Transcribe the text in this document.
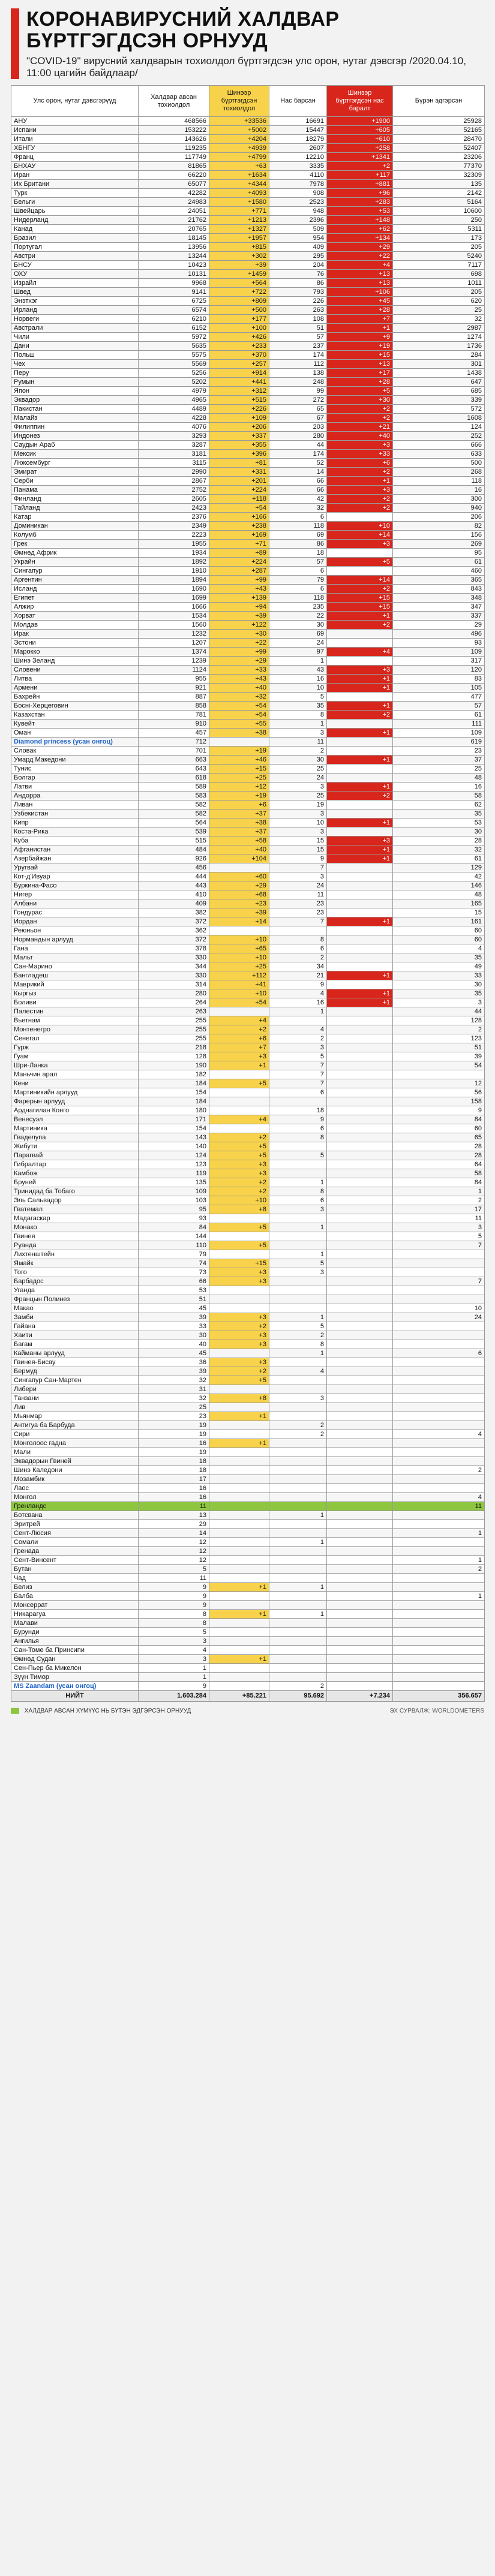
КОРОНАВИРУСНИЙ ХАЛДВАР БҮРТГЭГДСЭН ОРНУУД
"COVID-19" вирусний халдварын тохиолдол бүртгэгдсэн улс орон, нутаг дэвсгэр /2020.04.10, 11:00 цагийн байдлаар/
Улс орон, нутаг дэвсгэрүүд	Халдвар авсан тохиолдол	Шинээр бүртгэгдсэн тохиолдол	Нас барсан	Шинээр бүртгэгдсэн нас баралт	Бүрэн эдгэрсэн
АНУ	468566	+33536	16691	+1900	25928
Испани	153222	+5002	15447	+605	52165
Итали	143626	+4204	18279	+610	28470
ХБНГУ	119235	+4939	2607	+258	52407
Франц	117749	+4799	12210	+1341	23206
БНХАУ	81865	+63	3335	+2	77370
Иран	66220	+1634	4110	+117	32309
Их Британи	65077	+4344	7978	+881	135
Турк	42282	+4093	908	+96	2142
Бельги	24983	+1580	2523	+283	5164
Швейцарь	24051	+771	948	+53	10600
Нидерланд	21762	+1213	2396	+148	250
Канад	20765	+1327	509	+62	5311
Бразил	18145	+1957	954	+134	173
Португал	13956	+815	409	+29	205
Австри	13244	+302	295	+22	5240
БНСУ	10423	+39	204	+4	7117
ОХУ	10131	+1459	76	+13	698
Израйл	9968	+564	86	+13	1011
Швед	9141	+722	793	+106	205
Энэтхэг	6725	+809	226	+45	620
Ирланд	6574	+500	263	+28	25
Норвеги	6210	+177	108	+7	32
Австрали	6152	+100	51	+1	2987
Чили	5972	+426	57	+9	1274
Дани	5635	+233	237	+19	1736
Польш	5575	+370	174	+15	284
Чех	5569	+257	112	+13	301
Перу	5256	+914	138	+17	1438
Румын	5202	+441	248	+28	647
Япон	4979	+312	99	+5	685
Эквадор	4965	+515	272	+30	339
Пакистан	4489	+226	65	+2	572
Малайз	4228	+109	67	+2	1608
Филиппин	4076	+206	203	+21	124
Индонез	3293	+337	280	+40	252
Саудын Араб	3287	+355	44	+3	666
Мексик	3181	+396	174	+33	633
Люксембург	3115	+81	52	+6	500
Эмират	2990	+331	14	+2	268
Серби	2867	+201	66	+1	118
Панама	2752	+224	66	+3	16
Финланд	2605	+118	42	+2	300
Тайланд	2423	+54	32	+2	940
Катар	2376	+166	6		206
Доминикан	2349	+238	118	+10	82
Колумб	2223	+169	69	+14	156
Грек	1955	+71	86	+3	269
Өмнөд Африк	1934	+89	18		95
Украйн	1892	+224	57	+5	61
Сингапур	1910	+287	6		460
Аргентин	1894	+99	79	+14	365
Исланд	1690	+43	6	+2	843
Египет	1699	+139	118	+15	348
Алжир	1666	+94	235	+15	347
Хорват	1534	+39	22	+1	337
Молдав	1560	+122	30	+2	29
Ирак	1232	+30	69		496
Эстони	1207	+22	24		93
Марокко	1374	+99	97	+4	109
Шинэ Зеланд	1239	+29	1		317
Словени	1124	+33	43	+3	120
Литва	955	+43	16	+1	83
Армени	921	+40	10	+1	105
Бахрейн	887	+32	5		477
Боснi-Херцеговин	858	+54	35	+1	57
Казахстан	781	+54	8	+2	61
Кувейт	910	+55	1		111
Оман	457	+38	3	+1	109
Diamond princess (усан онгоц)	712		11		619
Словак	701	+19	2		23
Умард Македони	663	+46	30	+1	37
Тунис	643	+15	25		25
Болгар	618	+25	24		48
Латви	589	+12	3	+1	16
Андорра	583	+19	25	+2	58
Ливан	582	+6	19		62
Узбекистан	582	+37	3		35
Кипр	564	+38	10	+1	53
Коста-Рика	539	+37	3		30
Куба	515	+58	15	+3	28
Афганистан	484	+40	15	+1	32
Азербайжан	926	+104	9	+1	61
Уругвай	456		7		129
Кот-д'Ивуар	444	+60	3		42
Буркина-Фасо	443	+29	24		146
Нигер	410	+68	11		48
Албани	409	+23	23		165
Гондурас	382	+39	23		15
Иордан	372	+14	7	+1	161
Реюньон	362				60
Нормандын арлууд	372	+10	8		60
Гана	378	+65	6		4
Мальт	330	+10	2		35
Сан-Марино	344	+25	34		49
Бангладеш	330	+112	21	+1	33
Маврикий	314	+41	9		30
Кыргыз	280	+10	4	+1	35
Боливи	264	+54	16	+1	3
Палестин	263		1		44
Вьетнам	255	+4			128
Монтенегро	255	+2	4		2
Сенегал	255	+6	2		123
Гүрж	218	+7	3		51
Гуам	128	+3	5		39
Шри-Ланка	190	+1	7		54
Маньчин арал	182		7		
Кени	184	+5	7		12
Мартиникийн арлууд	154		6		56
Фарерын арлууд	184				158
Арднагилан Конго	180		18		9
Венесуэл	171	+4	9		84
Мартиника	154		6		60
Гваделупа	143	+2	8		65
Жибути	140	+5			28
Парагвай	124	+5	5		28
Гибралтар	123	+3			64
Камбож	119	+3			58
Бруней	135	+2	1		84
Тринидад ба Тобаго	109	+2	8		1
Эль Сальвадор	103	+10	6		2
Гватемал	95	+8	3		17
Мадагаскар	93				11
Монако	84	+5	1		3
Гвинея	144				5
Руанда	110	+5			7
Лихтенштейн	79		1		
Ямайк	74	+15	5		
Того	73	+3	3		
Барбадос	66	+3			7
Уганда	53				
Францын Полинез	51				
Макао	45				10
Замби	39	+3	1		24
Гайана	33	+2	5		
Хаити	30	+3	2		
Багам	40	+3	8		
Кайманы арлууд	45		1		6
Гвинея-Бисау	36	+3			
Бермуд	39	+2	4		
Сингапур Сан-Мартен	32	+5			
Либери	31				
Танзани	32	+8	3		
Лив	25				
Мьянмар	23	+1			
Антигуа ба Барбуда	19		2		
Сири	19		2		4
Монголоос гадна	16	+1			
Мали	19				
Эквадорын Гвиней	18				
Шинэ Каледони	18				2
Мозамбик	17				
Лаос	16				
Монгол	16				4
Гренландс	11				11
Ботсвана	13		1		
Эритрей	29				
Сент-Люсия	14				1
Сомали	12		1		
Гренада	12				
Сент-Винсент	12				1
Бутан	5				2
Чад	11				
Белиз	9	+1	1		
Балба	9				1
Монсеррат	9				
Никарагуа	8	+1	1		
Малави	8				
Бурунди	5				
Ангилья	3				
Сан-Томе ба Принсипи	4				
Өмнөд Судан	3	+1			
Сен-Пьер ба Микелон	1				
Зүүн Тимор	1				
MS Zaandam (усан онгоц)	9		2		
НИЙТ	1.603.284	+85.221	95.692	+7.234	356.657
ХАЛДВАР АВСАН ХҮМҮҮС НЬ БҮТЭН ЭДГЭРСЭН ОРНУУД	ЭХ СУРВАЛЖ: WORLDOMETERS
